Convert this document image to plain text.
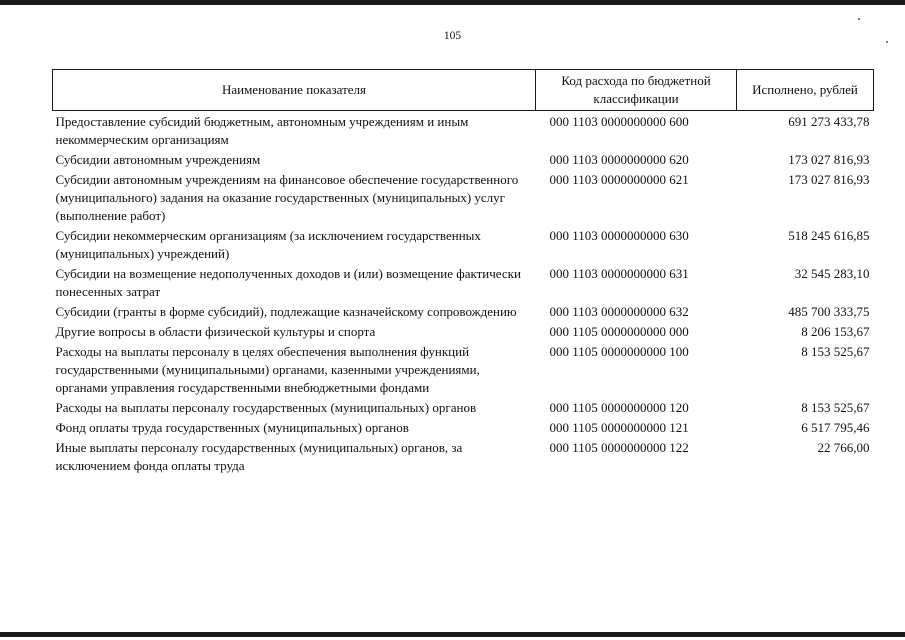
105
Наименование показателя	Код расхода по бюджетной классификации	Исполнено, рублей
Предоставление субсидий бюджетным, автономным учреждениям и иным некоммерческим организациям	000 1103 0000000000 600	691 273 433,78
Субсидии автономным учреждениям	000 1103 0000000000 620	173 027 816,93
Субсидии автономным учреждениям на финансовое обеспечение государственного (муниципального) задания на оказание государственных (муниципальных) услуг (выполнение работ)	000 1103 0000000000 621	173 027 816,93
Субсидии некоммерческим организациям (за исключением государственных (муниципальных) учреждений)	000 1103 0000000000 630	518 245 616,85
Субсидии на возмещение недополученных доходов и (или) возмещение фактически понесенных затрат	000 1103 0000000000 631	32 545 283,10
Субсидии (гранты в форме субсидий), подлежащие казначейскому сопровождению	000 1103 0000000000 632	485 700 333,75
Другие вопросы в области физической культуры и спорта	000 1105 0000000000 000	8 206 153,67
Расходы на выплаты персоналу в целях обеспечения выполнения функций государственными (муниципальными) органами, казенными учреждениями, органами управления государственными внебюджетными фондами	000 1105 0000000000 100	8 153 525,67
Расходы на выплаты персоналу государственных (муниципальных) органов	000 1105 0000000000 120	8 153 525,67
Фонд оплаты труда государственных (муниципальных) органов	000 1105 0000000000 121	6 517 795,46
Иные выплаты персоналу государственных (муниципальных) органов, за исключением фонда оплаты труда	000 1105 0000000000 122	22 766,00
